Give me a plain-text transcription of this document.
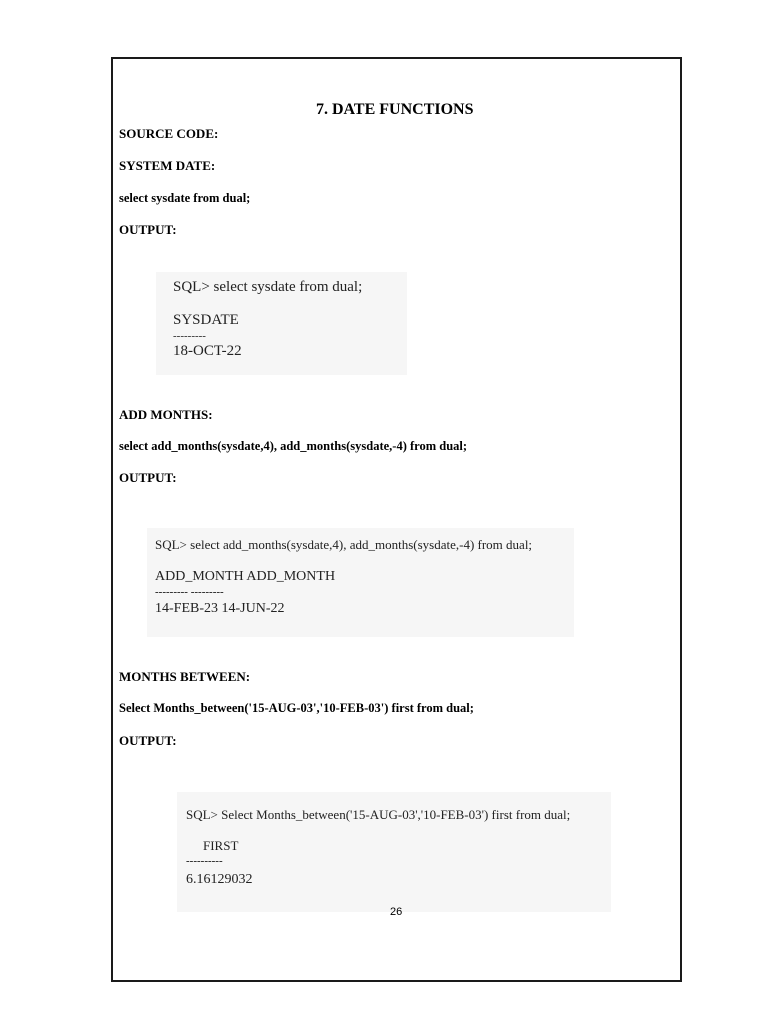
7. DATE FUNCTIONS
SOURCE CODE:
SYSTEM DATE:
select sysdate from dual;
OUTPUT:
SQL> select sysdate from dual;
SYSDATE
---------
18-OCT-22
ADD MONTHS:
select add_months(sysdate,4), add_months(sysdate,-4) from dual;
OUTPUT:
SQL> select add_months(sysdate,4), add_months(sysdate,-4) from dual;
ADD_MONTH ADD_MONTH
--------- ---------
14-FEB-23 14-JUN-22
MONTHS BETWEEN:
Select Months_between('15-AUG-03','10-FEB-03') first from dual;
OUTPUT:
SQL> Select Months_between('15-AUG-03','10-FEB-03') first from dual;
FIRST
----------
6.16129032
26
